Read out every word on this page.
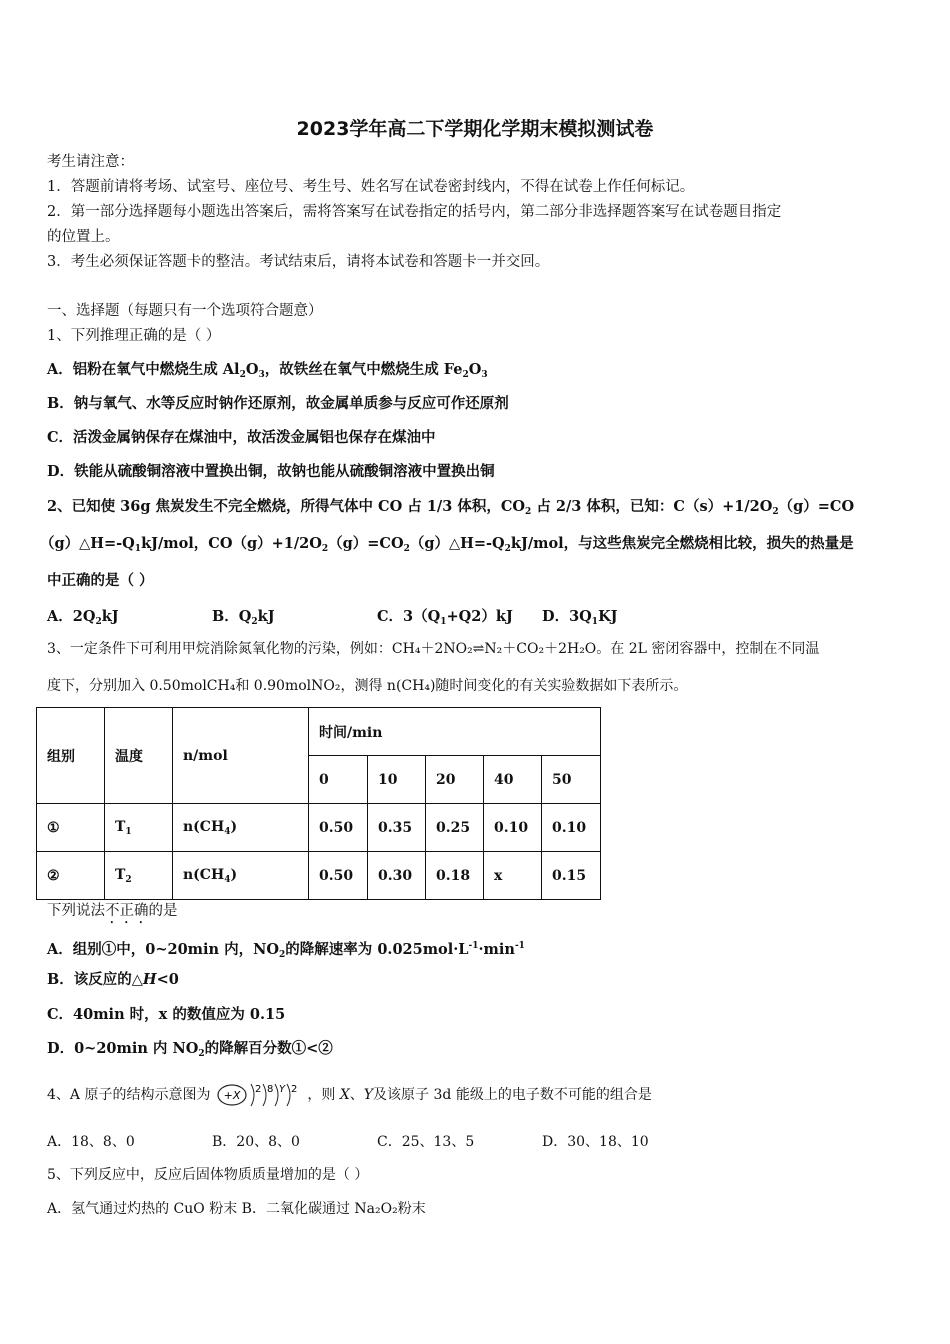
2023学年高二下学期化学期末模拟测试卷
考生请注意：
1．答题前请将考场、试室号、座位号、考生号、姓名写在试卷密封线内，不得在试卷上作任何标记。
2．第一部分选择题每小题选出答案后，需将答案写在试卷指定的括号内，第二部分非选择题答案写在试卷题目指定
的位置上。
3．考生必须保证答题卡的整洁。考试结束后，请将本试卷和答题卡一并交回。
一、选择题（每题只有一个选项符合题意）
1、下列推理正确的是（ ）
A．铝粉在氧气中燃烧生成 $Al_2O_3$，故铁丝在氧气中燃烧生成 $Fe_2O_3$
B．钠与氧气、水等反应时钠作还原剂，故金属单质参与反应可作还原剂
C．活泼金属钠保存在煤油中，故活泼金属铝也保存在煤油中
D．铁能从硫酸铜溶液中置换出铜，故钠也能从硫酸铜溶液中置换出铜
2、已知使 36g 焦炭发生不完全燃烧，所得气体中 CO 占 1/3 体积，$CO_2$ 占 2/3 体积，已知：$C(s)+1/2O_2(g)=CO$
$(g)\triangle H=-Q_1kJ$/mol，$CO(g)+1/2O_2(g)=CO_2(g)\triangle H=-Q_2kJ$/mol，与这些焦炭完全燃烧相比较，损失的热量是
中正确的是（ ）
A．$2Q_2kJ$	B．$Q_2kJ$	C．$3(Q_1+Q2)kJ$ D．$3Q_1KJ$
3、一定条件下可利用甲烷消除氮氧化物的污染，例如：CH₄＋2NO₂⇌N₂＋CO₂＋2H₂O。在 2L 密闭容器中，控制在不同温
度下，分别加入 0.50molCH₄和 0.90molNO₂，测得 n(CH₄)随时间变化的有关实验数据如下表所示。
组别	温度	n/mol	时间/min				
			0	10	20	40	50
①	$T_1$	$n(CH_4)$	0.50	0.35	0.25	0.10	0.10
②	$T_2$	$n(CH_4)$	0.50	0.30	0.18	x	0.15
下列说法不正确的是
A．组别①中，0~20min 内，$NO_2$的降解速率为 $0.025mol\cdot L^{-1}\cdot\min^{-1}$
B．该反应的△H<0
C．40min 时，x 的数值应为 0.15
D．0~20min 内 $NO_2$的降解百分数①<②
4、A 原子的结构示意图为 +X 2 8 Y 2 ，则 X、Y及该原子 3d 能级上的电子数不可能的组合是
A．18、8、0	B．20、8、0	C．25、13、5	D．30、18、10
5、下列反应中，反应后固体物质质量增加的是（ ）
A．氢气通过灼热的 CuO 粉末 B．二氧化碳通过 Na₂O₂粉末
